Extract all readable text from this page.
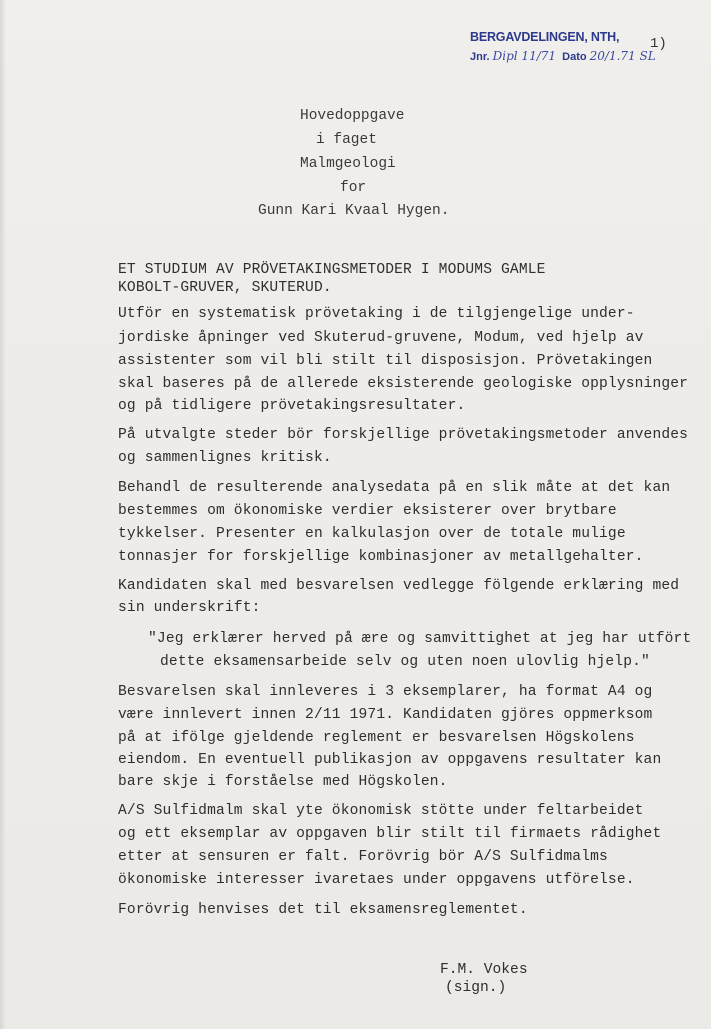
BERGAVDELINGEN, NTH,
Jnr. Dipl 11/71 Dato 20/1.71 SL
1)
Hovedoppgave
i faget
Malmgeologi
for
Gunn Kari Kvaal Hygen.
ET STUDIUM AV PRÖVETAKINGSMETODER I MODUMS GAMLE
KOBOLT-GRUVER, SKUTERUD.
Utför en systematisk prövetaking i de tilgjengelige under-
jordiske åpninger ved Skuterud-gruvene, Modum, ved hjelp av
assistenter som vil bli stilt til disposisjon. Prövetakingen
skal baseres på de allerede eksisterende geologiske opplysninger
og på tidligere prövetakingsresultater.
På utvalgte steder bör forskjellige prövetakingsmetoder anvendes
og sammenlignes kritisk.
Behandl de resulterende analysedata på en slik måte at det kan
bestemmes om ökonomiske verdier eksisterer over brytbare
tykkelser. Presenter en kalkulasjon over de totale mulige
tonnasjer for forskjellige kombinasjoner av metallgehalter.
Kandidaten skal med besvarelsen vedlegge fölgende erklæring med
sin underskrift:
"Jeg erklærer herved på ære og samvittighet at jeg har utfört
dette eksamensarbeide selv og uten noen ulovlig hjelp."
Besvarelsen skal innleveres i 3 eksemplarer, ha format A4 og
være innlevert innen 2/11 1971. Kandidaten gjöres oppmerksom
på at ifölge gjeldende reglement er besvarelsen Högskolens
eiendom. En eventuell publikasjon av oppgavens resultater kan
bare skje i forståelse med Högskolen.
A/S Sulfidmalm skal yte ökonomisk stötte under feltarbeidet
og ett eksemplar av oppgaven blir stilt til firmaets rådighet
etter at sensuren er falt. Forövrig bör A/S Sulfidmalms
ökonomiske interesser ivaretaes under oppgavens utförelse.
Forövrig henvises det til eksamensreglementet.
F.M. Vokes
(sign.)
